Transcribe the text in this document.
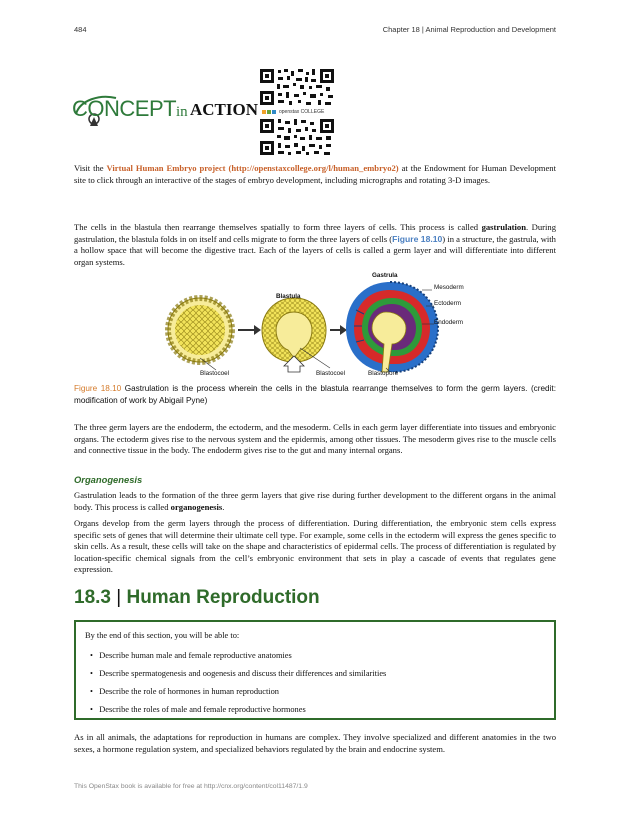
484	Chapter 18 | Animal Reproduction and Development
CONCEPT in ACTION	openstax COLLEGE

Visit the Virtual Human Embryo project (http://openstaxcollege.org/l/human_embryo2) at the Endowment for Human Development site to click through an interactive of the stages of embryo development, including micrographs and rotating 3-D images.

The cells in the blastula then rearrange themselves spatially to form three layers of cells. This process is called gastrulation. During gastrulation, the blastula folds in on itself and cells migrate to form the three layers of cells (Figure 18.10) in a structure, the gastrula, with a hollow space that will become the digestive tract. Each of the layers of cells is called a germ layer and will differentiate into different organ systems.

Gastrula
Blastula
Mesoderm
Ectoderm
Endoderm
Blastocoel	Blastocoel	Blastopore

Figure 18.10 Gastrulation is the process wherein the cells in the blastula rearrange themselves to form the germ layers. (credit: modification of work by Abigail Pyne)

The three germ layers are the endoderm, the ectoderm, and the mesoderm. Cells in each germ layer differentiate into tissues and embryonic organs. The ectoderm gives rise to the nervous system and the epidermis, among other tissues. The mesoderm gives rise to the muscle cells and connective tissue in the body. The endoderm gives rise to the gut and many internal organs.

Organogenesis

Gastrulation leads to the formation of the three germ layers that give rise during further development to the different organs in the animal body. This process is called organogenesis.

Organs develop from the germ layers through the process of differentiation. During differentiation, the embryonic stem cells express specific sets of genes that will determine their ultimate cell type. For example, some cells in the ectoderm will express the genes specific to skin cells. As a result, these cells will take on the shape and characteristics of epidermal cells. The process of differentiation is regulated by location-specific chemical signals from the cell’s embryonic environment that sets in play a cascade of events that regulates gene expression.

18.3 | Human Reproduction
By the end of this section, you will be able to:
• Describe human male and female reproductive anatomies
• Describe spermatogenesis and oogenesis and discuss their differences and similarities
• Describe the role of hormones in human reproduction
• Describe the roles of male and female reproductive hormones

As in all animals, the adaptations for reproduction in humans are complex. They involve specialized and different anatomies in the two sexes, a hormone regulation system, and specialized behaviors regulated by the brain and endocrine system.

This OpenStax book is available for free at http://cnx.org/content/col11487/1.9
